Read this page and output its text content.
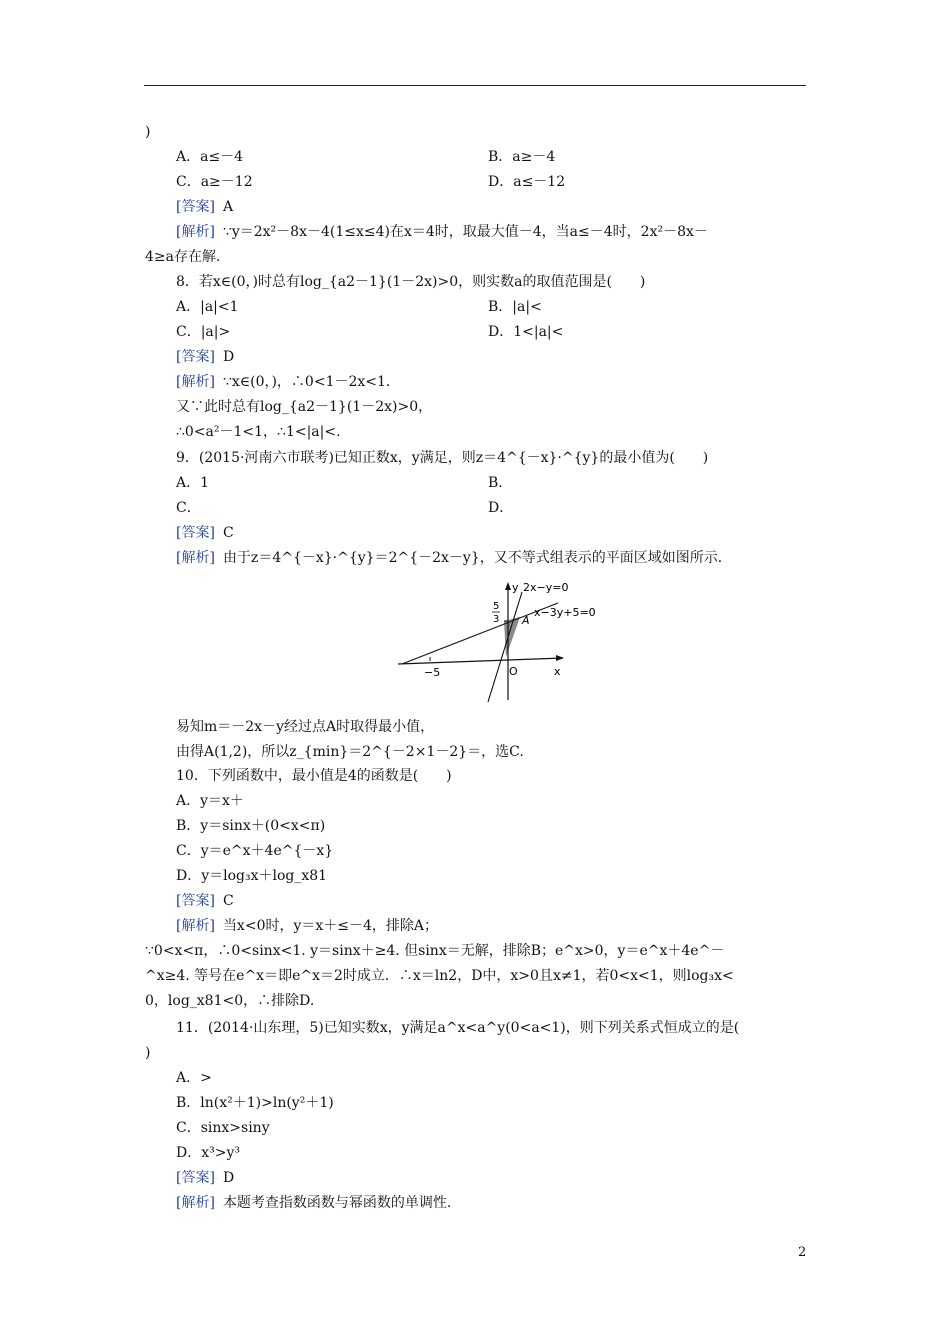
)
A．a≤－4	B．a≥－4
C．a≥－12	D．a≤－12
[答案] A
[解析] ∵y＝2x²－8x－4(1≤x≤4)在x＝4时，取最大值－4，当a≤－4时，2x²－8x－
4≥a存在解．
8．若x∈(0，)时总有log_{a2－1}(1－2x)>0，则实数a的取值范围是(　　)
A．|a|<1	B．|a|<
C．|a|>	D．1<|a|<
[答案] D
[解析] ∵x∈(0，)，∴0<1－2x<1.
又∵此时总有log_{a2－1}(1－2x)>0，
∴0<a²－1<1，∴1<|a|<.
9．(2015·河南六市联考)已知正数x，y满足，则z＝4^{－x}·^{y}的最小值为(　　)
A．1	B．
C．	D．
[答案] C
[解析] 由于z＝4^{－x}·^{y}＝2^{－2x－y}，又不等式组表示的平面区域如图所示．
y 2x−y=0
x−3y+5=0
5
3 A
−5	O	x
易知m＝－2x－y经过点A时取得最小值，
由得A(1,2)，所以z_{min}＝2^{－2×1－2}＝，选C.
10．下列函数中，最小值是4的函数是(　　)
A．y＝x＋
B．y＝sinx＋(0<x<π)
C．y＝e^x＋4e^{－x}
D．y＝log₃x＋log_x81
[答案] C
[解析] 当x<0时，y＝x＋≤－4，排除A；
∵0<x<π，∴0<sinx<1. y＝sinx＋≥4. 但sinx＝无解，排除B；e^x>0，y＝e^x＋4e^－
^x≥4. 等号在e^x＝即e^x＝2时成立．∴x＝ln2，D中，x>0且x≠1，若0<x<1，则log₃x<
0，log_x81<0，∴排除D.
11．(2014·山东理，5)已知实数x，y满足a^x<a^y(0<a<1)，则下列关系式恒成立的是(
)
A．>
B．ln(x²＋1)>ln(y²＋1)
C．sinx>siny
D．x³>y³
[答案] D
[解析] 本题考查指数函数与幂函数的单调性.
2
